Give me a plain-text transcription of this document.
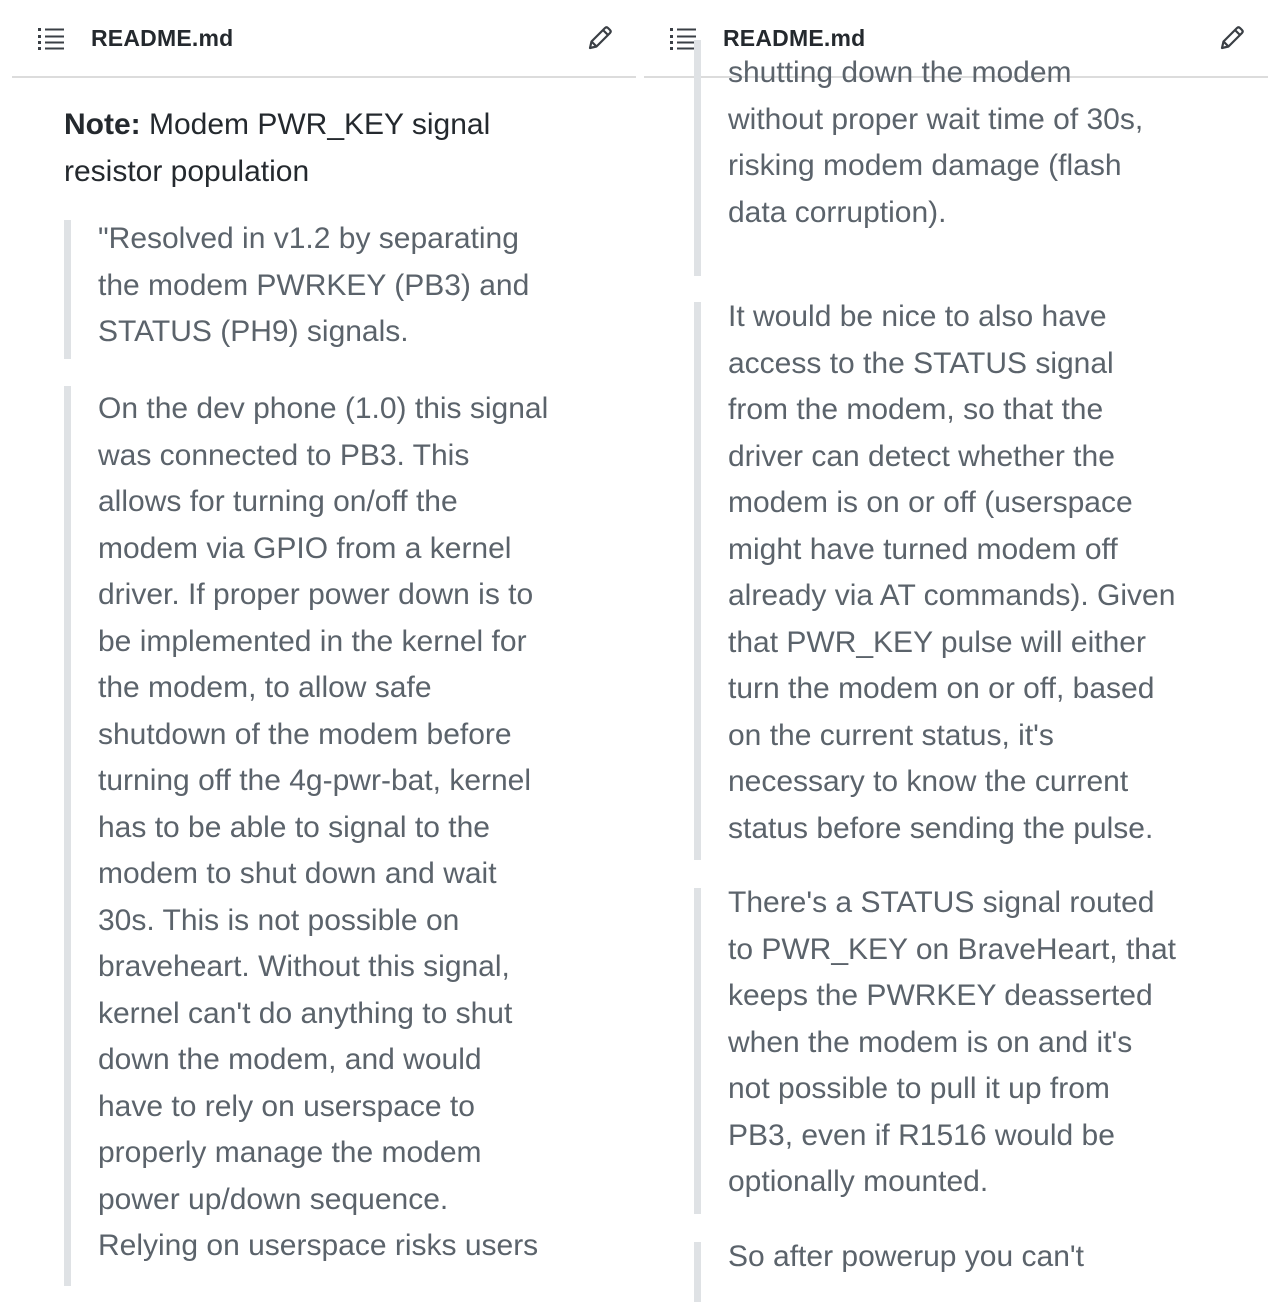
README.md

Note: Modem PWR_KEY signal resistor population

"Resolved in v1.2 by separating
the modem PWRKEY (PB3) and
STATUS (PH9) signals.

On the dev phone (1.0) this signal
was connected to PB3. This
allows for turning on/off the
modem via GPIO from a kernel
driver. If proper power down is to
be implemented in the kernel for
the modem, to allow safe
shutdown of the modem before
turning off the 4g-pwr-bat, kernel
has to be able to signal to the
modem to shut down and wait
30s. This is not possible on
braveheart. Without this signal,
kernel can't do anything to shut
down the modem, and would
have to rely on userspace to
properly manage the modem
power up/down sequence.
Relying on userspace risks users

README.md

shutting down the modem
without proper wait time of 30s,
risking modem damage (flash
data corruption).

It would be nice to also have
access to the STATUS signal
from the modem, so that the
driver can detect whether the
modem is on or off (userspace
might have turned modem off
already via AT commands). Given
that PWR_KEY pulse will either
turn the modem on or off, based
on the current status, it's
necessary to know the current
status before sending the pulse.

There's a STATUS signal routed
to PWR_KEY on BraveHeart, that
keeps the PWRKEY deasserted
when the modem is on and it's
not possible to pull it up from
PB3, even if R1516 would be
optionally mounted.

So after powerup you can't
